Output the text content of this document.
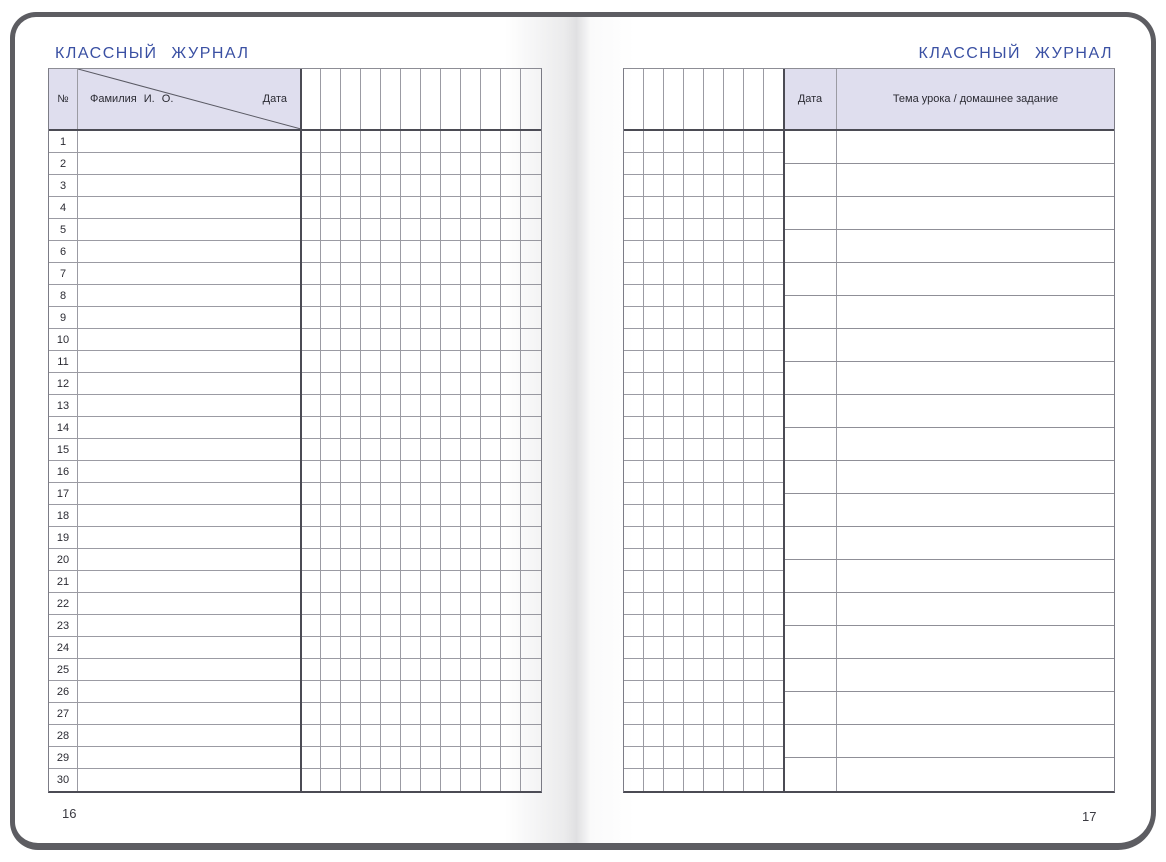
КЛАССНЫЙ ЖУРНАЛ
№	Фамилия И. О.	Дата
1
2
3
4
5
6
7
8
9
10
11
12
13
14
15
16
17
18
19
20
21
22
23
24
25
26
27
28
29
30
16
КЛАССНЫЙ ЖУРНАЛ
Дата	Тема урока / домашнее задание
17
